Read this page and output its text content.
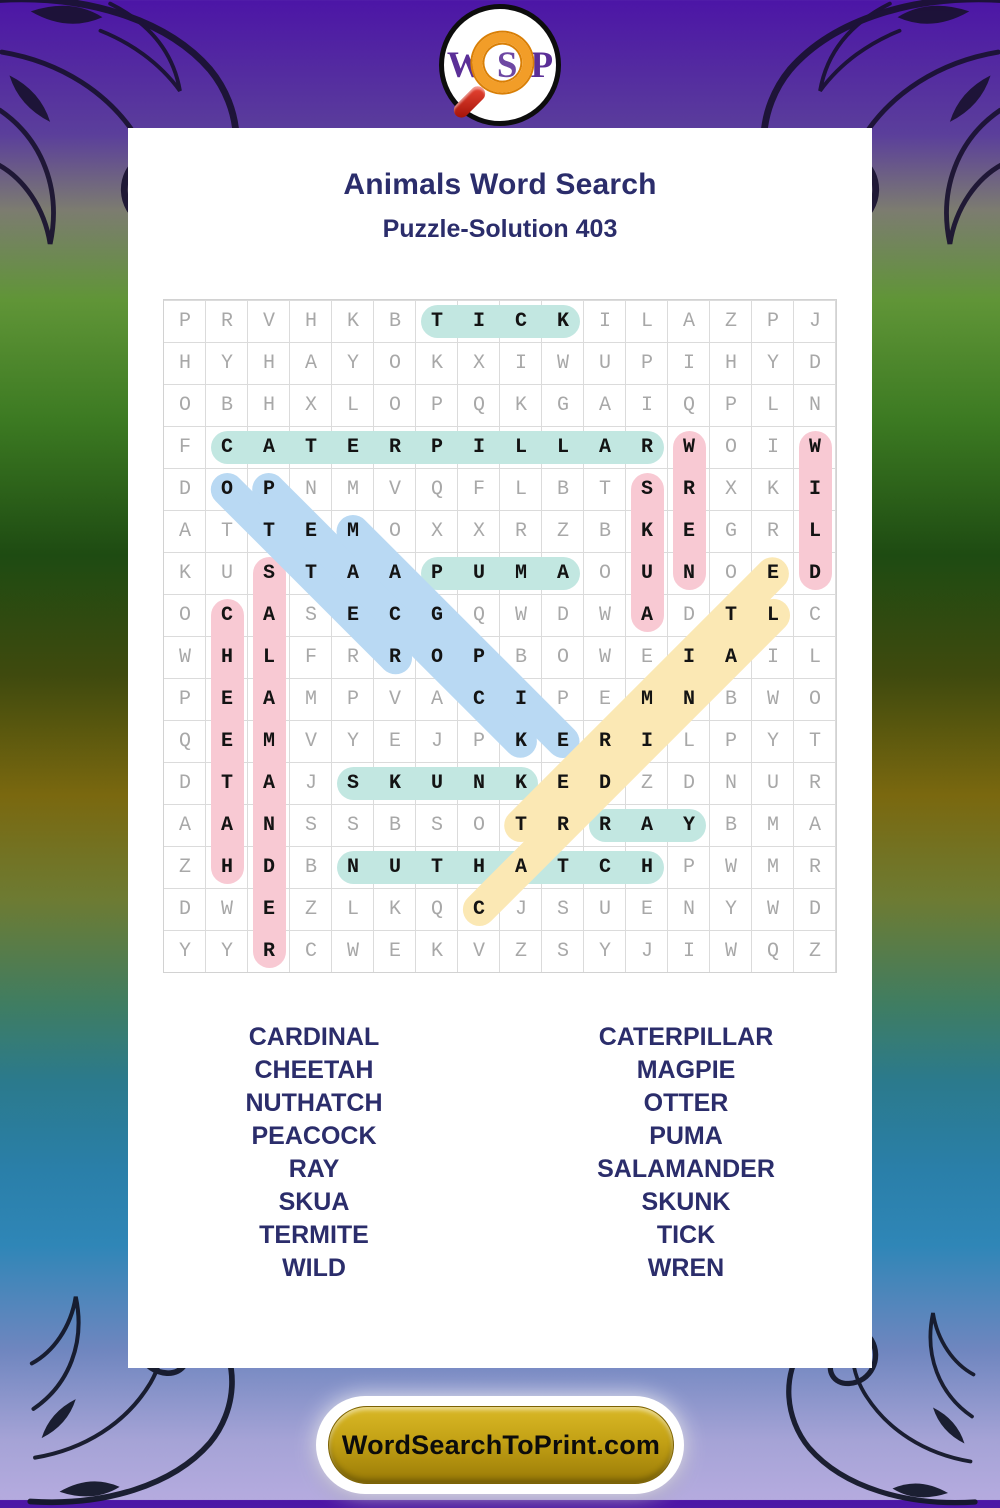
W S P
Animals Word Search
Puzzle-Solution 403
P	R	V	H	K	B	T	I	C	K	I	L	A	Z	P	J
H	Y	H	A	Y	O	K	X	I	W	U	P	I	H	Y	D
O	B	H	X	L	O	P	Q	K	G	A	I	Q	P	L	N
F	C	A	T	E	R	P	I	L	L	A	R	W	O	I	W
D	O	P	N	M	V	Q	F	L	B	T	S	R	X	K	I
A	T	T	E	M	O	X	X	R	Z	B	K	E	G	R	L
K	U	S	T	A	A	P	U	M	A	O	U	N	O	E	D
O	C	A	S	E	C	G	Q	W	D	W	A	D	T	L	C
W	H	L	F	R	R	O	P	B	O	W	E	I	A	I	L
P	E	A	M	P	V	A	C	I	P	E	M	N	B	W	O
Q	E	M	V	Y	E	J	P	K	E	R	I	L	P	Y	T
D	T	A	J	S	K	U	N	K	E	D	Z	D	N	U	R
A	A	N	S	S	B	S	O	T	R	R	A	Y	B	M	A
Z	H	D	B	N	U	T	H	A	T	C	H	P	W	M	R
D	W	E	Z	L	K	Q	C	J	S	U	E	N	Y	W	D
Y	Y	R	C	W	E	K	V	Z	S	Y	J	I	W	Q	Z
CARDINAL
CHEETAH
NUTHATCH
PEACOCK
RAY
SKUA
TERMITE
WILD
CATERPILLAR
MAGPIE
OTTER
PUMA
SALAMANDER
SKUNK
TICK
WREN
WordSearchToPrint.com
